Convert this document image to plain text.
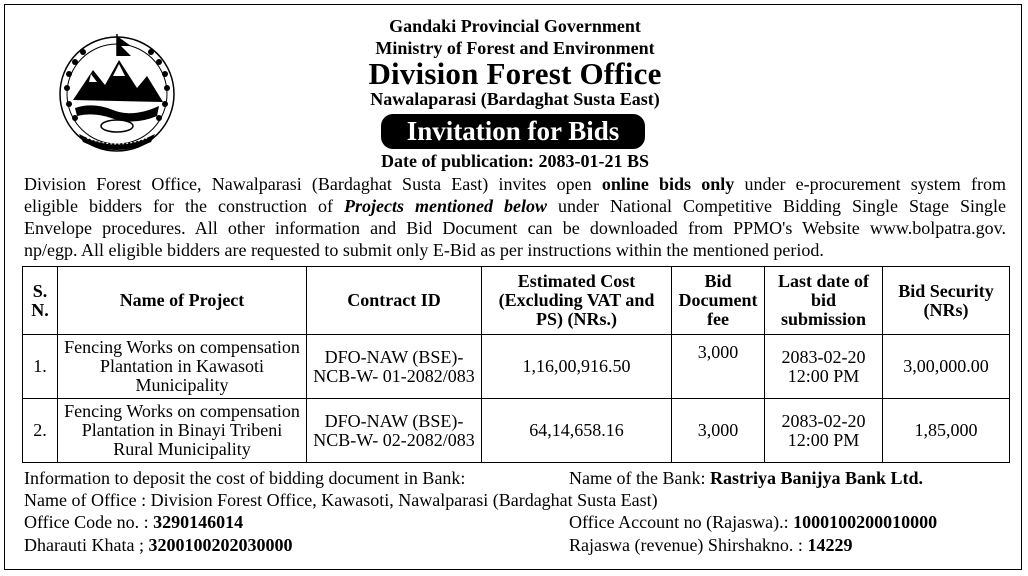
Gandaki Provincial Government
Ministry of Forest and Environment
Division Forest Office
Nawalaparasi (Bardaghat Susta East)
Invitation for Bids
Date of publication: 2083-01-21 BS
Division Forest Office, Nawalparasi (Bardaghat Susta East) invites open online bids only under e-procurement system from
eligible bidders for the construction of Projects mentioned below under National Competitive Bidding Single Stage Single
Envelope procedures. All other information and Bid Document can be downloaded from PPMO's Website www.bolpatra.gov.
np/egp. All eligible bidders are requested to submit only E-Bid as per instructions within the mentioned period.
S. N.	Name of Project	Contract ID	Estimated Cost (Excluding VAT and PS) (NRs.)	Bid Document fee	Last date of bid submission	Bid Security (NRs)
1.	Fencing Works on compensation Plantation in Kawasoti Municipality	DFO-NAW (BSE)-NCB-W- 01-2082/083	1,16,00,916.50	3,000	2083-02-20 12:00 PM	3,00,000.00
2.	Fencing Works on compensation Plantation in Binayi Tribeni Rural Municipality	DFO-NAW (BSE)-NCB-W- 02-2082/083	64,14,658.16	3,000	2083-02-20 12:00 PM	1,85,000
Information to deposit the cost of bidding document in Bank:	Name of the Bank: Rastriya Banijya Bank Ltd.
Name of Office : Division Forest Office, Kawasoti, Nawalparasi (Bardaghat Susta East)
Office Code no. : 3290146014	Office Account no (Rajaswa).: 1000100200010000
Dharauti Khata ; 3200100202030000	Rajaswa (revenue) Shirshakno. : 14229
